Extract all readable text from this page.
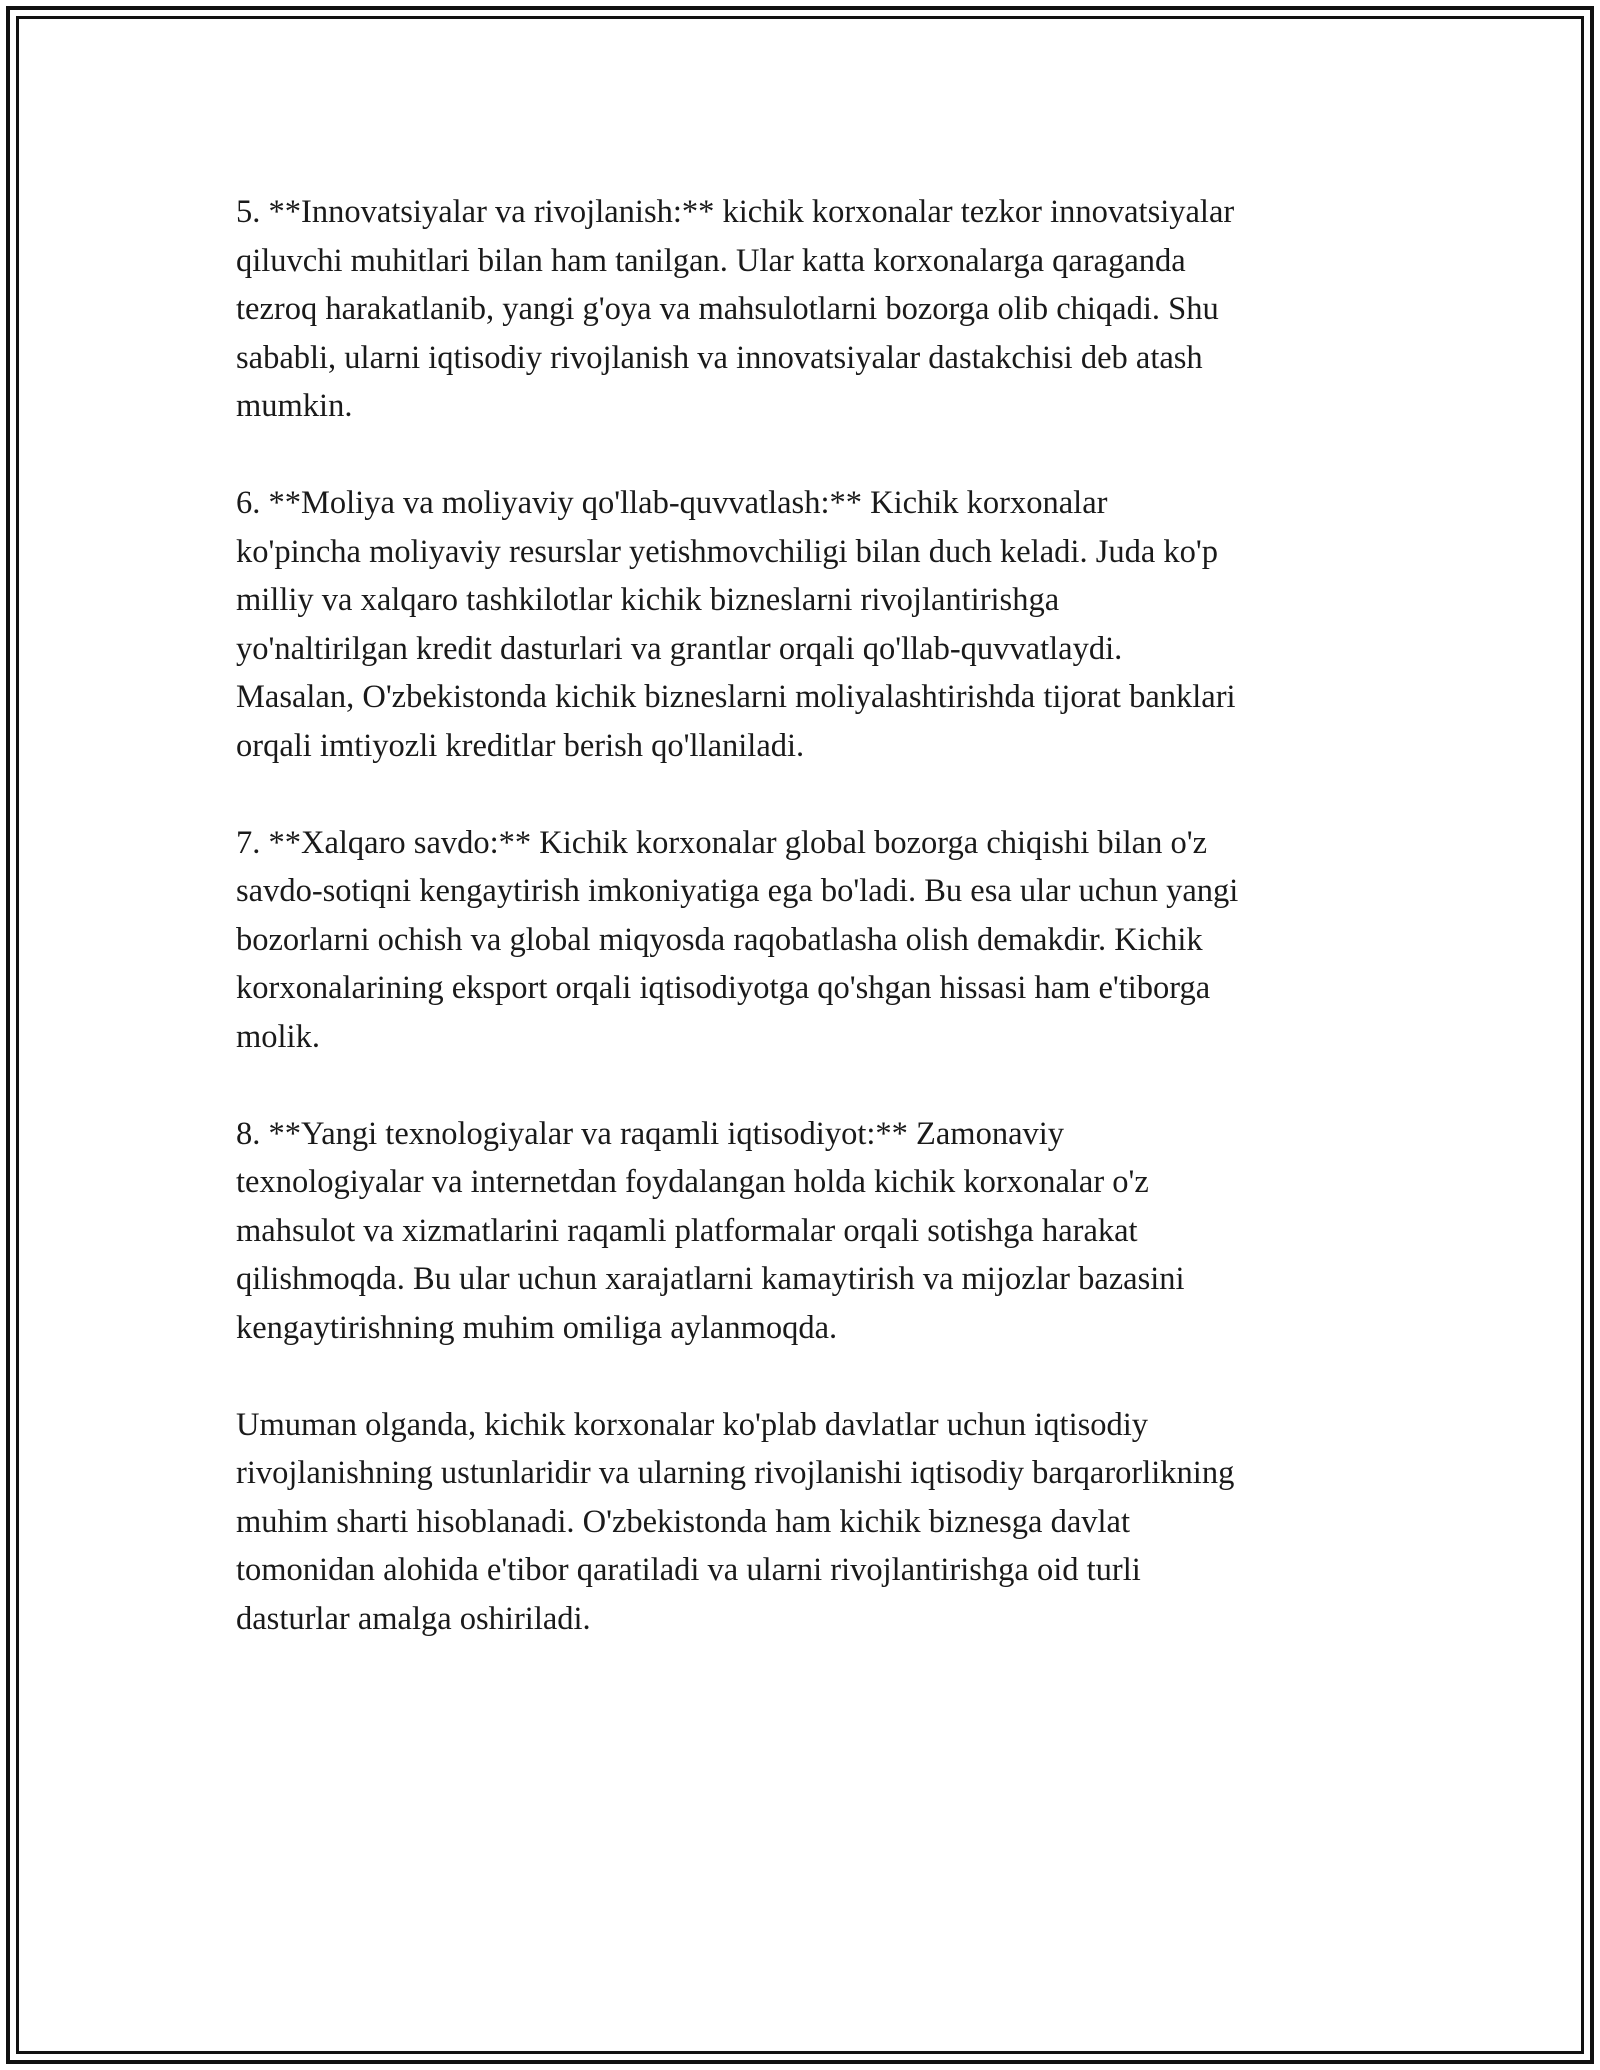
5. **Innovatsiyalar va rivojlanish:** kichik korxonalar tezkor innovatsiyalar
qiluvchi muhitlari bilan ham tanilgan. Ular katta korxonalarga qaraganda
tezroq harakatlanib, yangi g'oya va mahsulotlarni bozorga olib chiqadi. Shu
sababli, ularni iqtisodiy rivojlanish va innovatsiyalar dastakchisi deb atash
mumkin.

6. **Moliya va moliyaviy qo'llab-quvvatlash:** Kichik korxonalar
ko'pincha moliyaviy resurslar yetishmovchiligi bilan duch keladi. Juda ko'p
milliy va xalqaro tashkilotlar kichik bizneslarni rivojlantirishga
yo'naltirilgan kredit dasturlari va grantlar orqali qo'llab-quvvatlaydi.
Masalan, O'zbekistonda kichik bizneslarni moliyalashtirishda tijorat banklari
orqali imtiyozli kreditlar berish qo'llaniladi.

7. **Xalqaro savdo:** Kichik korxonalar global bozorga chiqishi bilan o'z
savdo-sotiqni kengaytirish imkoniyatiga ega bo'ladi. Bu esa ular uchun yangi
bozorlarni ochish va global miqyosda raqobatlasha olish demakdir. Kichik
korxonalarining eksport orqali iqtisodiyotga qo'shgan hissasi ham e'tiborga
molik.

8. **Yangi texnologiyalar va raqamli iqtisodiyot:** Zamonaviy
texnologiyalar va internetdan foydalangan holda kichik korxonalar o'z
mahsulot va xizmatlarini raqamli platformalar orqali sotishga harakat
qilishmoqda. Bu ular uchun xarajatlarni kamaytirish va mijozlar bazasini
kengaytirishning muhim omiliga aylanmoqda.

Umuman olganda, kichik korxonalar ko'plab davlatlar uchun iqtisodiy
rivojlanishning ustunlaridir va ularning rivojlanishi iqtisodiy barqarorlikning
muhim sharti hisoblanadi. O'zbekistonda ham kichik biznesga davlat
tomonidan alohida e'tibor qaratiladi va ularni rivojlantirishga oid turli
dasturlar amalga oshiriladi.
